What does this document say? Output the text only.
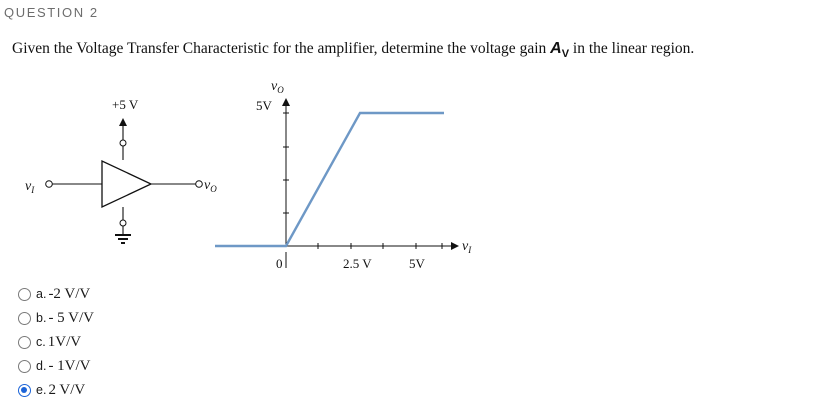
QUESTION 2
Given the Voltage Transfer Characteristic for the amplifier, determine the voltage gain $A_V$ in the linear region.
+5 V
$v_I$	$v_O$
$v_O$
5V
$v_I$
0	2.5 V	5V
a. -2 V/V
b. - 5 V/V
c. 1V/V
d. - 1V/V
e. 2 V/V
